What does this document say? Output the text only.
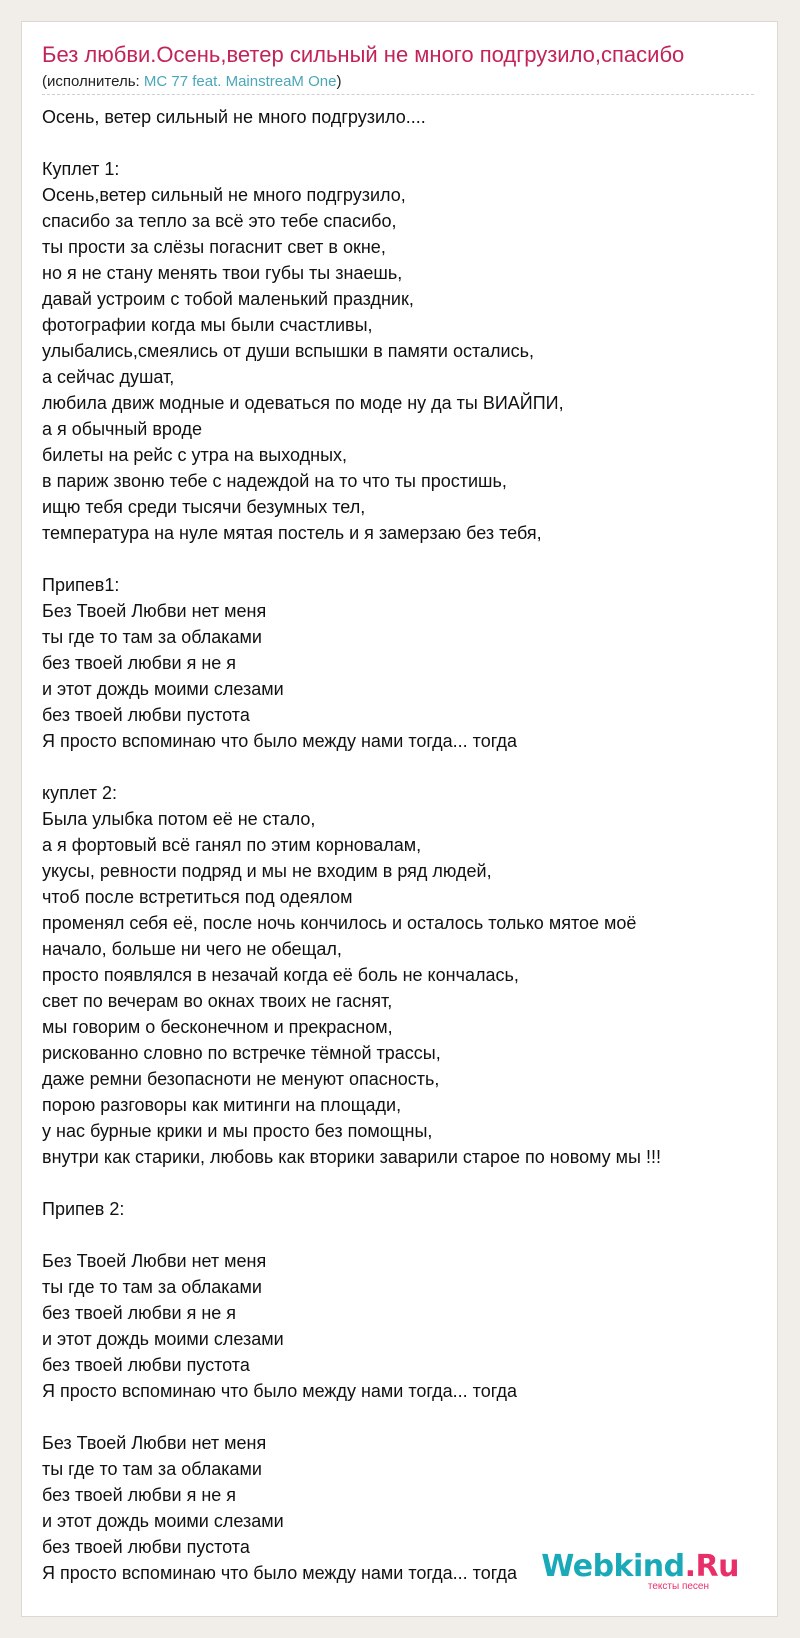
Без любви.Осень,ветер сильный не много подгрузило,спасибо
(исполнитель: MC 77 feat. MainstreaM One)
Осень, ветер сильный не много подгрузило....
Куплет 1:
Осень,ветер сильный не много подгрузило,
спасибо за тепло за всё это тебе спасибо,
ты прости за слёзы погаснит свет в окне,
но я не стану менять твои губы ты знаешь,
давай устроим с тобой маленький праздник,
фотографии когда мы были счастливы,
улыбались,смеялись от души вспышки в памяти остались,
а сейчас душат,
любила движ модные и одеваться по моде ну да ты ВИАЙПИ,
а я обычный вроде
билеты на рейс с утра на выходных,
в париж звоню тебе с надеждой на то что ты простишь,
ищю тебя среди тысячи безумных тел,
температура на нуле мятая постель и я замерзаю без тебя,
Припев1:
Без Твоей Любви нет меня
ты где то там за облаками
без твоей любви я не я
и этот дождь моими слезами
без твоей любви пустота
Я просто вспоминаю что было между нами тогда... тогда
куплет 2:
Была улыбка потом её не стало,
а я фортовый всё ганял по этим корновалам,
укусы, ревности подряд и мы не входим в ряд людей,
чтоб после встретиться под одеялом
променял себя её, после ночь кончилось и осталось только мятое моё
начало, больше ни чего не обещал,
просто появлялся в незачай когда её боль не кончалась,
свет по вечерам во окнах твоих не гаснят,
мы говорим о бесконечном и прекрасном,
рискованно словно по встречке тёмной трассы,
даже ремни безопасноти не менуют опасность,
порою разговоры как митинги на площади,
у нас бурные крики и мы просто без помощны,
внутри как старики, любовь как вторики заварили старое по новому мы !!!
Припев 2:
Без Твоей Любви нет меня
ты где то там за облаками
без твоей любви я не я
и этот дождь моими слезами
без твоей любви пустота
Я просто вспоминаю что было между нами тогда... тогда
Без Твоей Любви нет меня
ты где то там за облаками
без твоей любви я не я
и этот дождь моими слезами
без твоей любви пустота
Я просто вспоминаю что было между нами тогда... тогда Webkind.Ru
тексты песен
